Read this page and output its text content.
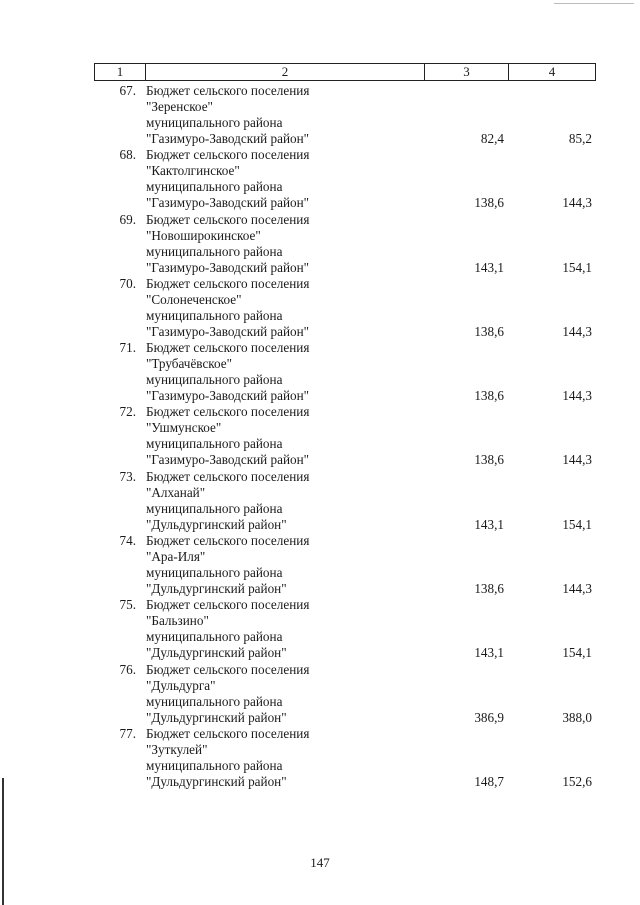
1	2	3	4
67. Бюджет сельского поселения
"Зеренское"
муниципального района
"Газимуро-Заводский район"	82,4	85,2
68. Бюджет сельского поселения
"Кактолгинское"
муниципального района
"Газимуро-Заводский район"	138,6	144,3
69. Бюджет сельского поселения
"Новоширокинское"
муниципального района
"Газимуро-Заводский район"	143,1	154,1
70. Бюджет сельского поселения
"Солонеченское"
муниципального района
"Газимуро-Заводский район"	138,6	144,3
71. Бюджет сельского поселения
"Трубачёвское"
муниципального района
"Газимуро-Заводский район"	138,6	144,3
72. Бюджет сельского поселения
"Ушмунское"
муниципального района
"Газимуро-Заводский район"	138,6	144,3
73. Бюджет сельского поселения
"Алханай"
муниципального района
"Дульдургинский район"	143,1	154,1
74. Бюджет сельского поселения
"Ара-Иля"
муниципального района
"Дульдургинский район"	138,6	144,3
75. Бюджет сельского поселения
"Бальзино"
муниципального района
"Дульдургинский район"	143,1	154,1
76. Бюджет сельского поселения
"Дульдурга"
муниципального района
"Дульдургинский район"	386,9	388,0
77. Бюджет сельского поселения
"Зуткулей"
муниципального района
"Дульдургинский район"	148,7	152,6
147
